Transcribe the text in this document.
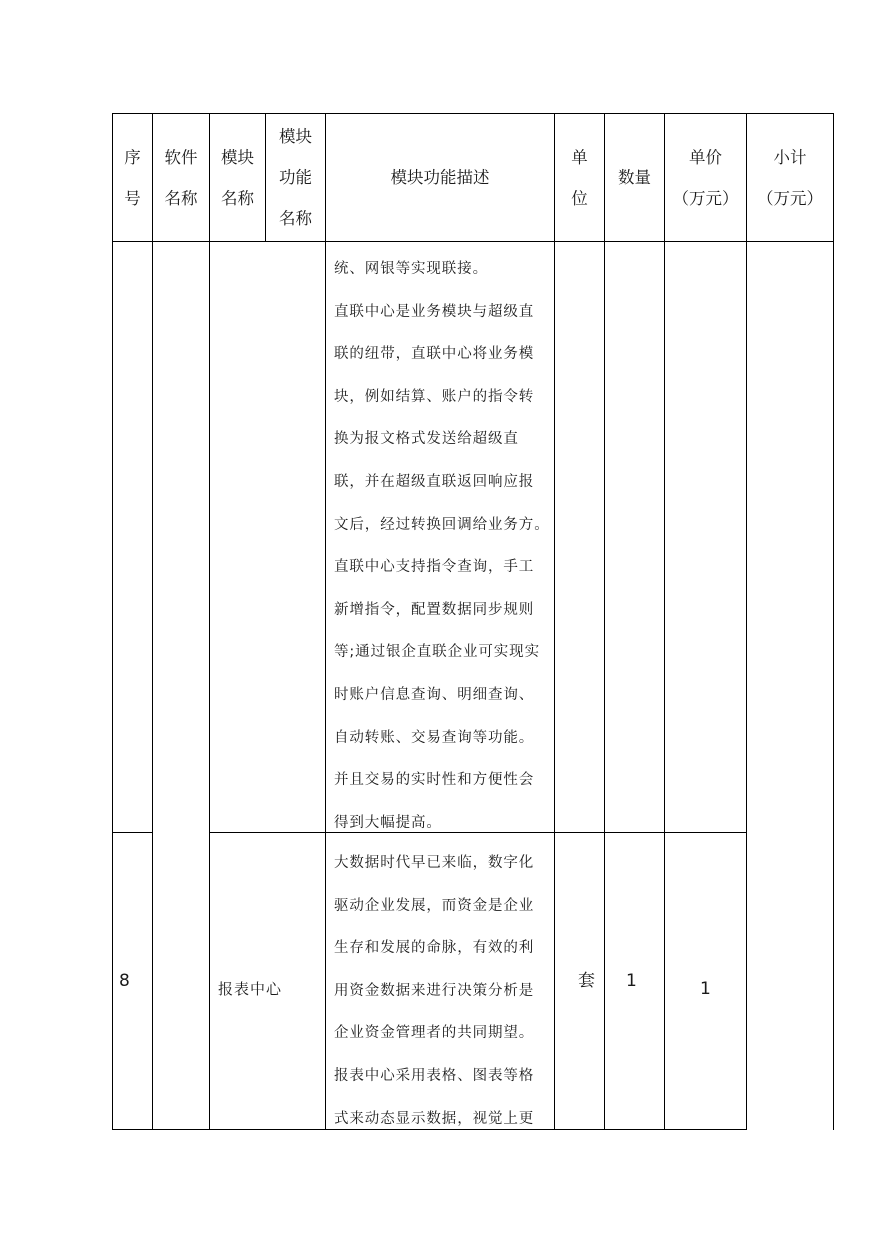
序
号
软件
名称
模块
名称
模块
功能
名称
模块功能描述
单
位
数量
单价
（万元）
小计
（万元）
统、网银等实现联接。
直联中心是业务模块与超级直
联的纽带，直联中心将业务模
块，例如结算、账户的指令转
换为报文格式发送给超级直
联，并在超级直联返回响应报
文后，经过转换回调给业务方。
直联中心支持指令查询，手工
新增指令，配置数据同步规则
等;通过银企直联企业可实现实
时账户信息查询、明细查询、
自动转账、交易查询等功能。
并且交易的实时性和方便性会
得到大幅提高。
8	报表中心
大数据时代早已来临，数字化
驱动企业发展，而资金是企业
生存和发展的命脉，有效的利
用资金数据来进行决策分析是
企业资金管理者的共同期望。
报表中心采用表格、图表等格
式来动态显示数据，视觉上更
套 1	1
